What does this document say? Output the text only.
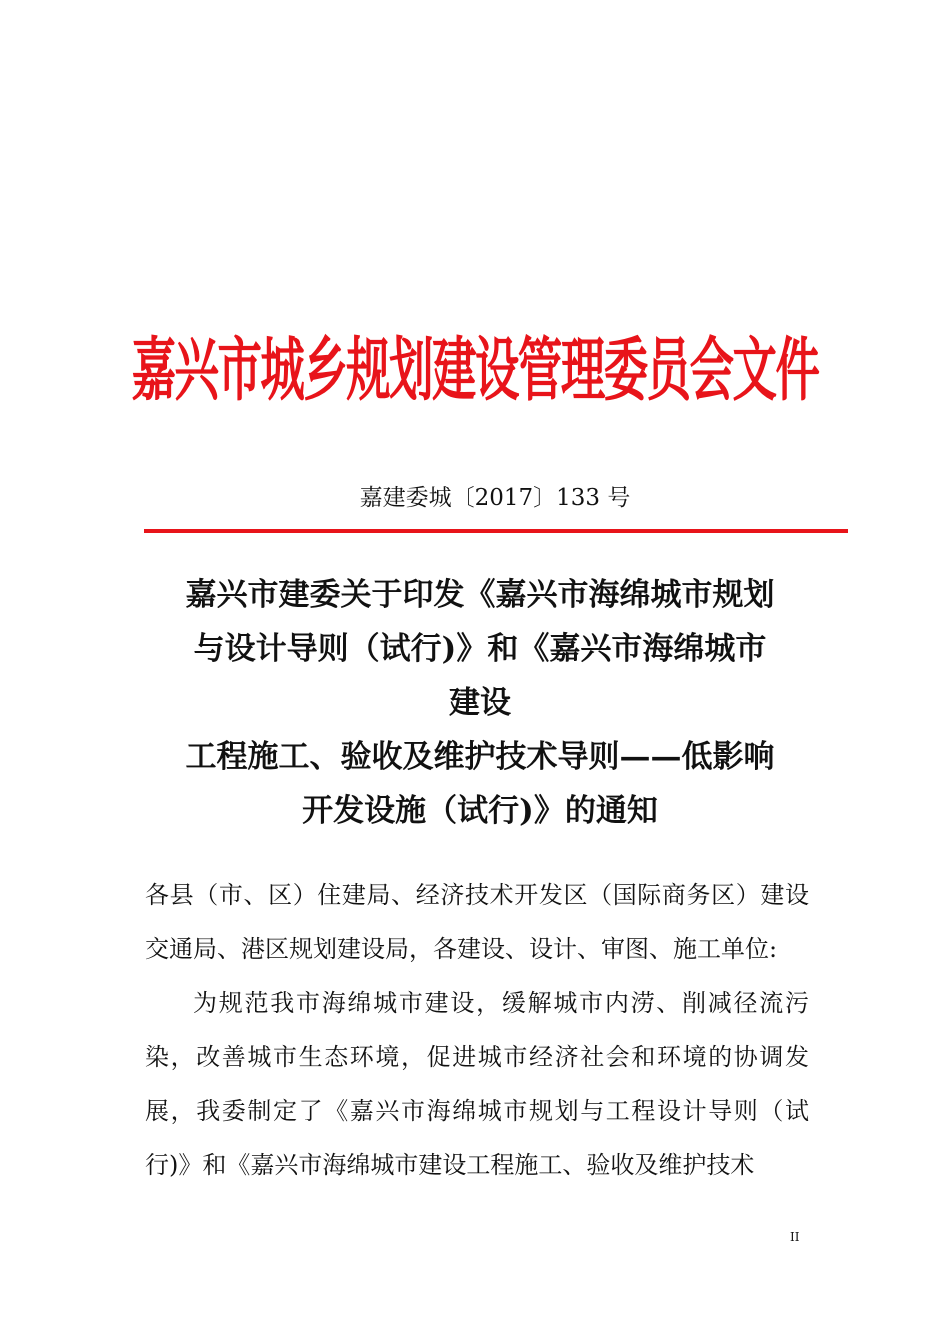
嘉兴市城乡规划建设管理委员会文件
嘉建委城〔2017〕133 号
嘉兴市建委关于印发《嘉兴市海绵城市规划
与设计导则（试行)》和《嘉兴市海绵城市
建设
工程施工、验收及维护技术导则——低影响
开发设施（试行)》的通知

各县（市、区）住建局、经济技术开发区（国际商务区）建设交通局、港区规划建设局，各建设、设计、审图、施工单位:

为规范我市海绵城市建设，缓解城市内涝、削减径流污染，改善城市生态环境，促进城市经济社会和环境的协调发展，我委制定了《嘉兴市海绵城市规划与工程设计导则（试行)》和《嘉兴市海绵城市建设工程施工、验收及维护技术

II
